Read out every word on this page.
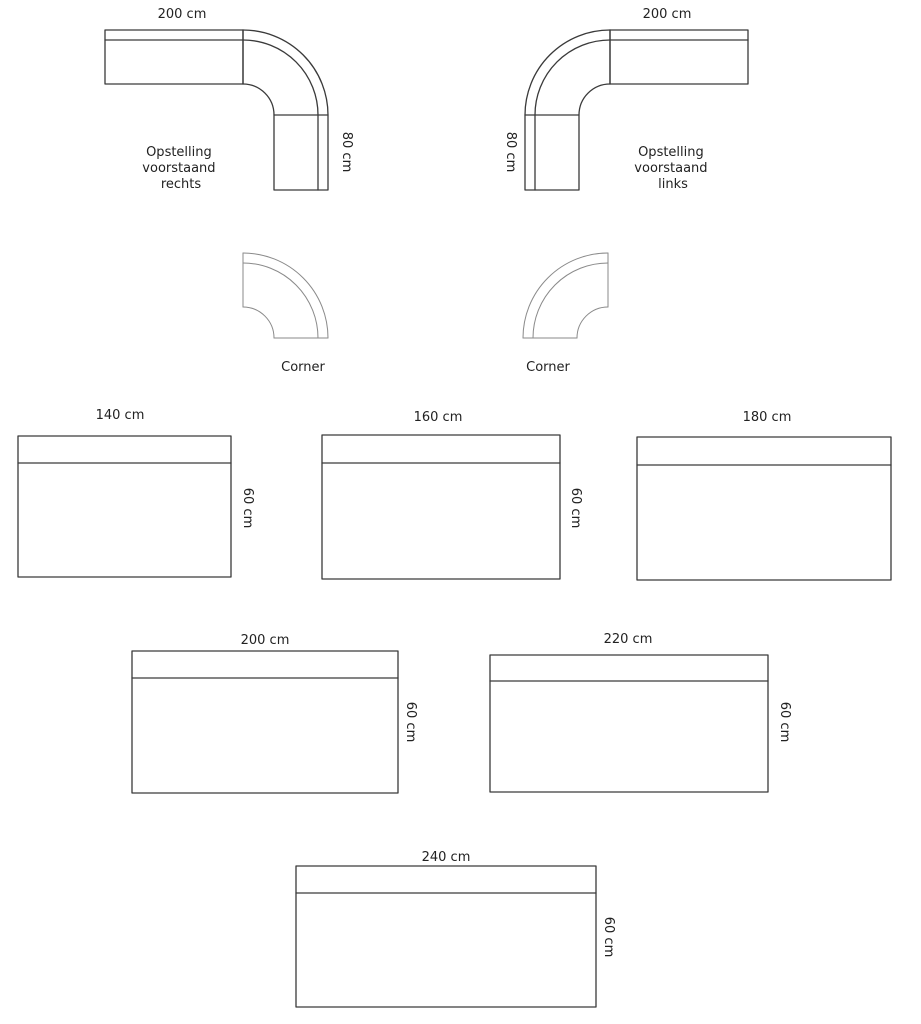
200 cm
80 cm
Opstelling voorstaand rechts
200 cm
80 cm	Opstelling voorstaand links
Corner	Corner
140 cm
60 cm
160 cm
60 cm
180 cm
200 cm
60 cm
220 cm
60 cm
240 cm
60 cm
